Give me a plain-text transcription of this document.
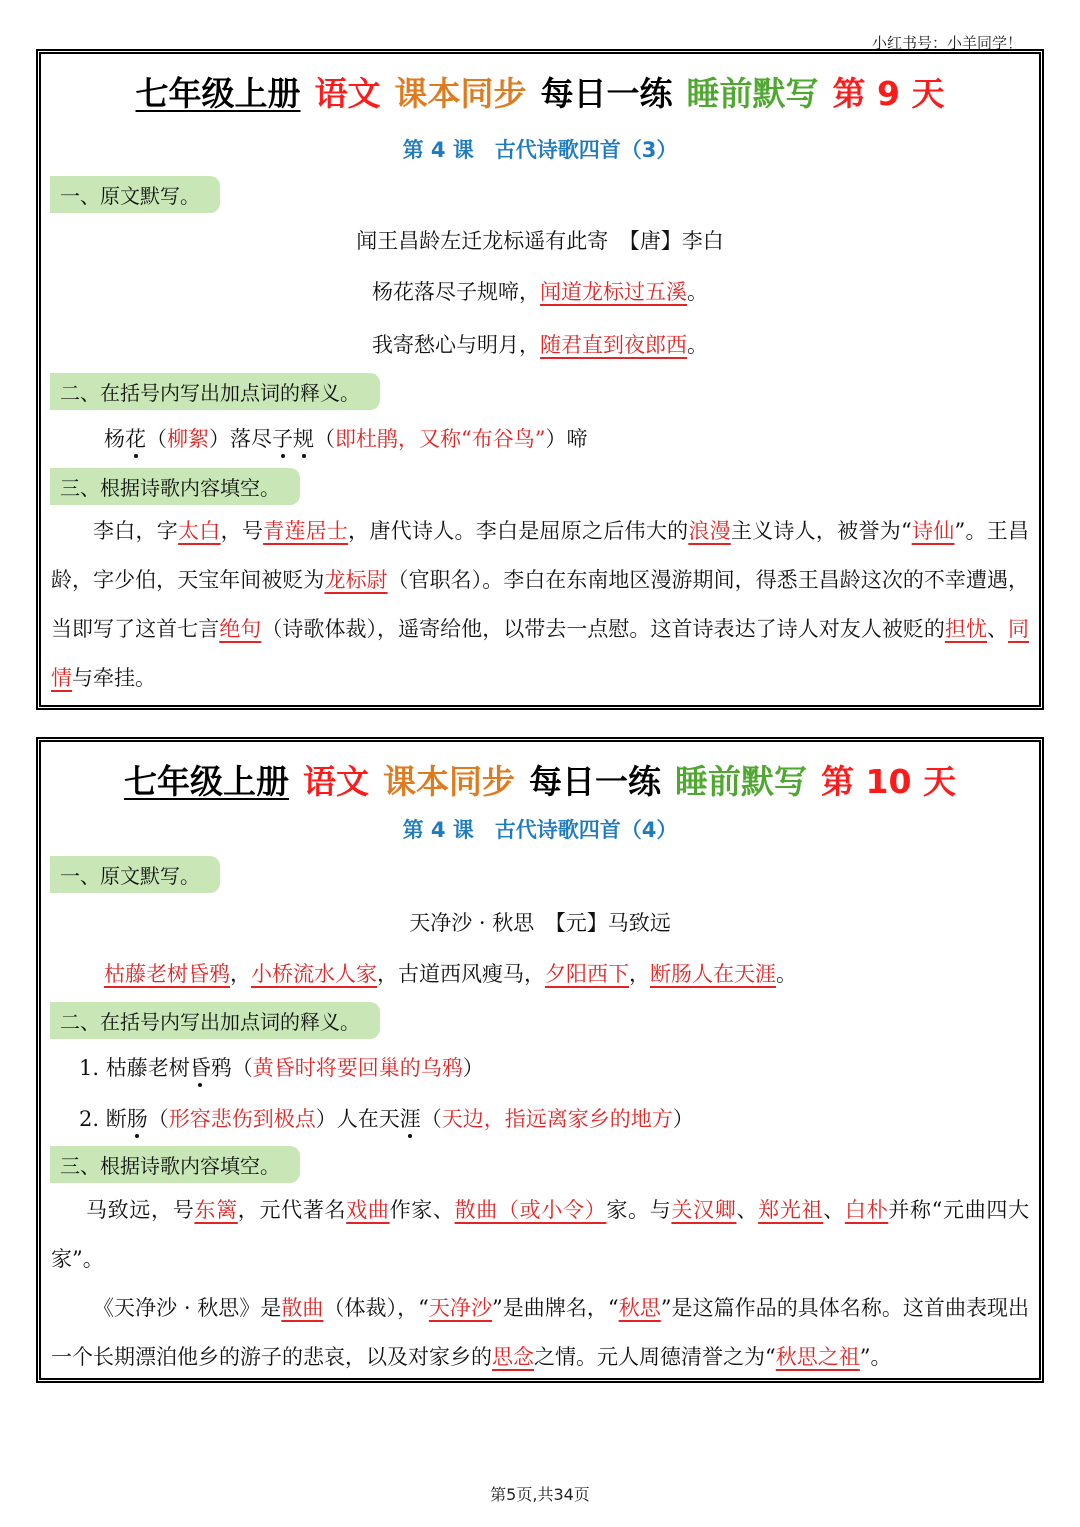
小红书号：小羊同学！
七年级上册 语文 课本同步 每日一练 睡前默写 第 9 天
第 4 课　古代诗歌四首（3）
一、原文默写。
闻王昌龄左迁龙标遥有此寄　【唐】李白
杨花落尽子规啼，闻道龙标过五溪。
我寄愁心与明月，随君直到夜郎西。
二、在括号内写出加点词的释义。
杨花（柳絮）落尽子规（即杜鹃，又称“布谷鸟”）啼
三、根据诗歌内容填空。
李白，字太白，号青莲居士，唐代诗人。李白是屈原之后伟大的浪漫主义诗人，被誉为“诗仙”。王昌龄，字少伯，天宝年间被贬为龙标尉（官职名）。李白在东南地区漫游期间，得悉王昌龄这次的不幸遭遇，当即写了这首七言绝句（诗歌体裁），遥寄给他，以带去一点慰。这首诗表达了诗人对友人被贬的担忧、同情与牵挂。
七年级上册 语文 课本同步 每日一练 睡前默写 第 10 天
第 4 课　古代诗歌四首（4）
一、原文默写。
天净沙 · 秋思　【元】马致远
枯藤老树昏鸦，小桥流水人家，古道西风瘦马，夕阳西下，断肠人在天涯。
二、在括号内写出加点词的释义。
1. 枯藤老树昏鸦（黄昏时将要回巢的乌鸦）
2. 断肠（形容悲伤到极点）人在天涯（天边，指远离家乡的地方）
三、根据诗歌内容填空。
马致远，号东篱，元代著名戏曲作家、散曲（或小令）家。与关汉卿、郑光祖、白朴并称“元曲四大家”。
《天净沙 · 秋思》是散曲（体裁），“天净沙”是曲牌名，“秋思”是这篇作品的具体名称。这首曲表现出一个长期漂泊他乡的游子的悲哀，以及对家乡的思念之情。元人周德清誉之为“秋思之祖”。
第5页,共34页
